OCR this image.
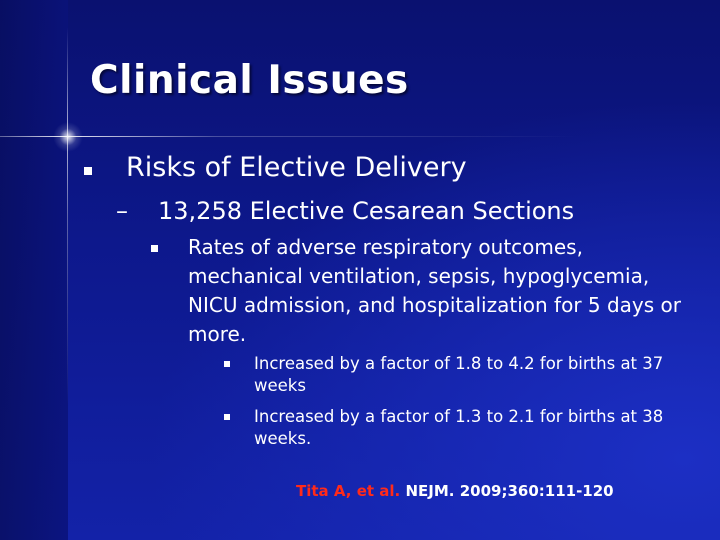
Clinical Issues
Risks of Elective Delivery
– 13,258 Elective Cesarean Sections
Rates of adverse respiratory outcomes, mechanical ventilation, sepsis, hypoglycemia, NICU admission, and hospitalization for 5 days or more.
Increased by a factor of 1.8 to 4.2 for births at 37 weeks
Increased by a factor of 1.3 to 2.1 for births at 38 weeks.
Tita A, et al. NEJM. 2009;360:111-120
